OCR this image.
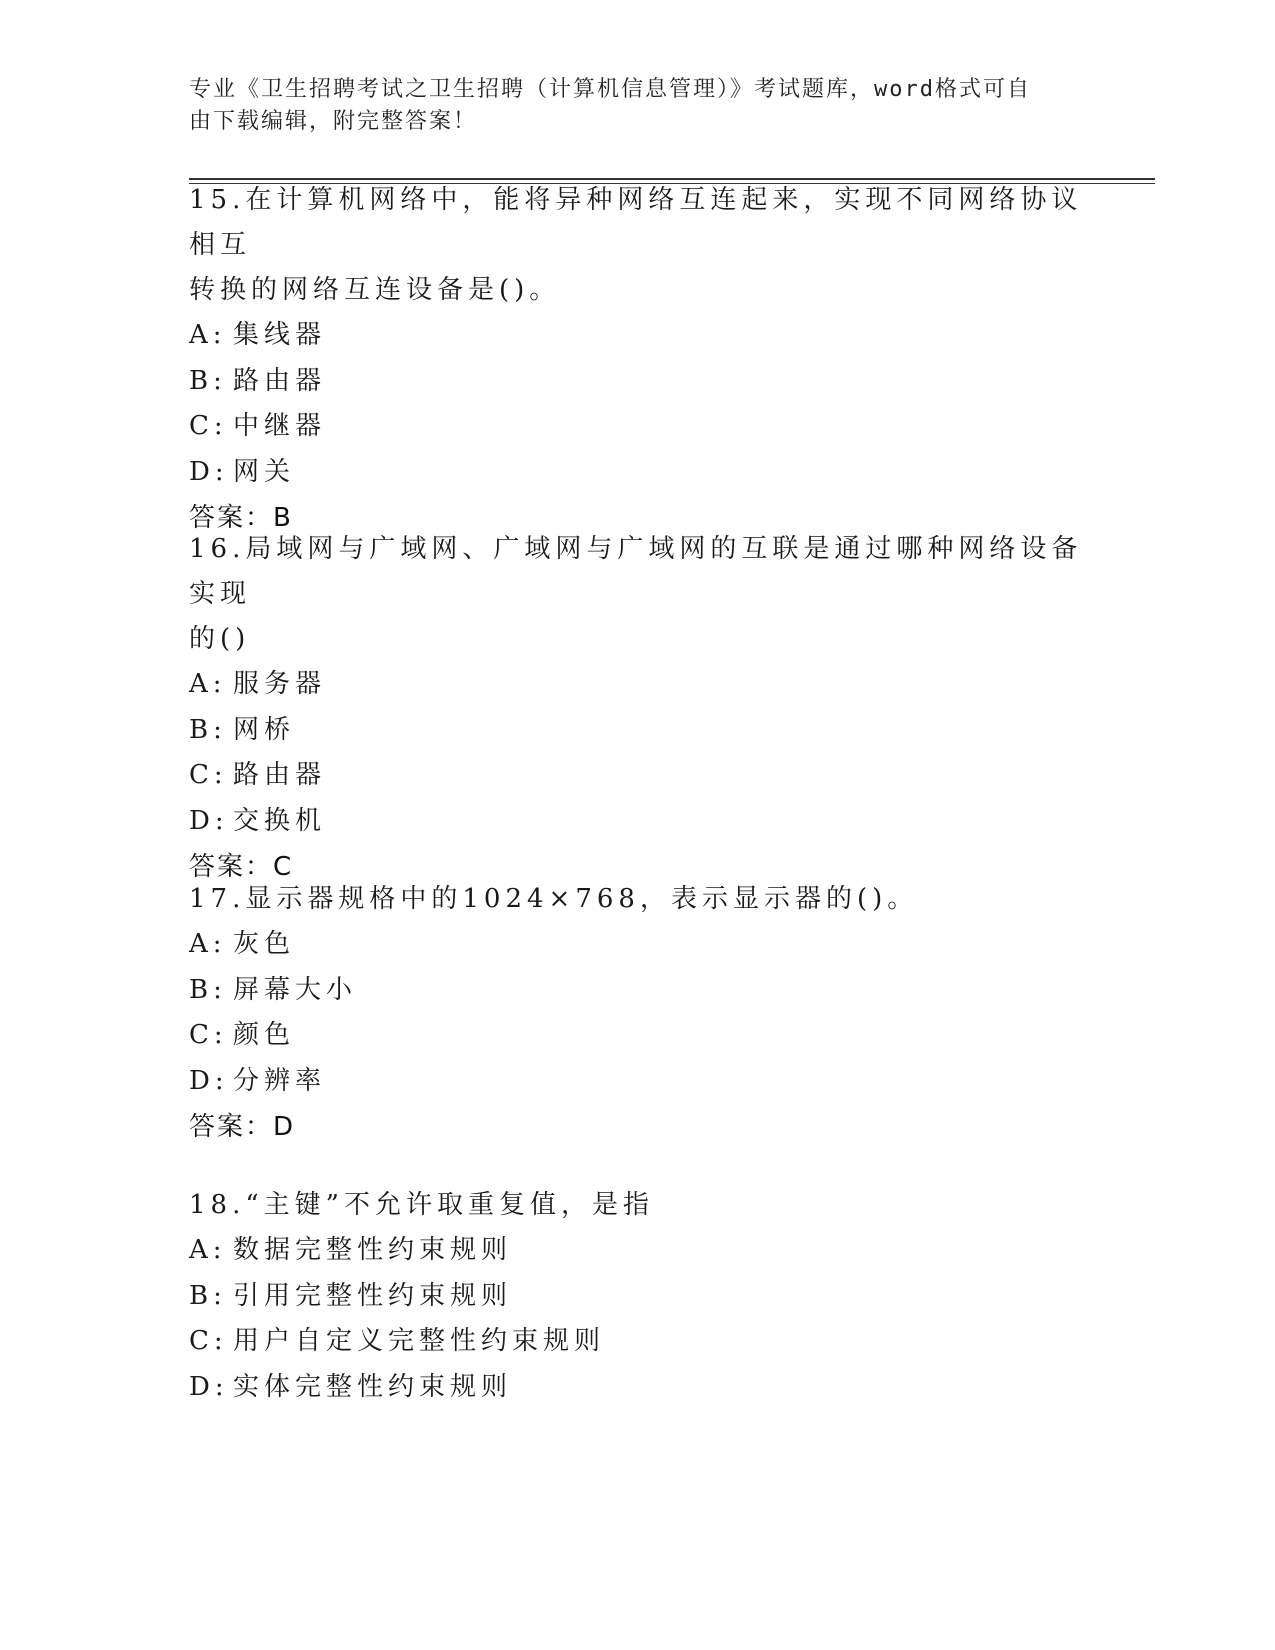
专业《卫生招聘考试之卫生招聘（计算机信息管理）》考试题库，word格式可自
由下载编辑，附完整答案！

15.在计算机网络中，能将异种网络互连起来，实现不同网络协议相互

转换的网络互连设备是()。

A: 集线器

B: 路由器

C: 中继器

D: 网关

答案：B

16.局域网与广域网、广域网与广域网的互联是通过哪种网络设备实现

的()

A: 服务器

B: 网桥

C: 路由器

D: 交换机

答案：C

17.显示器规格中的1024×768，表示显示器的()。

A: 灰色

B: 屏幕大小

C: 颜色

D: 分辨率

答案：D

18.“主键”不允许取重复值，是指

A: 数据完整性约束规则

B: 引用完整性约束规则

C: 用户自定义完整性约束规则

D: 实体完整性约束规则
